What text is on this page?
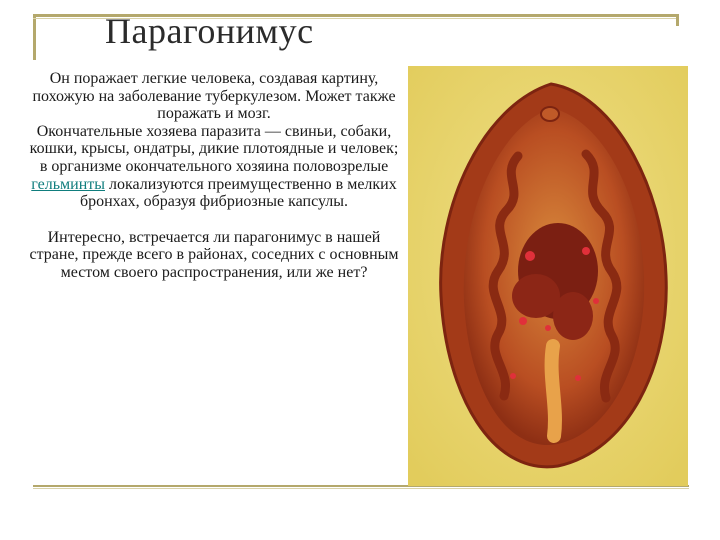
Парагонимус

Он поражает легкие человека, создавая картину, похожую на заболевание туберкулезом. Может также поражать и мозг.

Окончательные хозяева паразита — свиньи, собаки, кошки, крысы, ондатры, дикие плотоядные и человек; в организме окончательного хозяина половозрелые гельминты локализуются преимущественно в мелких бронхах, образуя фибриозные капсулы.

Интересно, встречается ли парагонимус в нашей стране, прежде всего в районах, соседних с основным местом своего распространения, или же нет?
